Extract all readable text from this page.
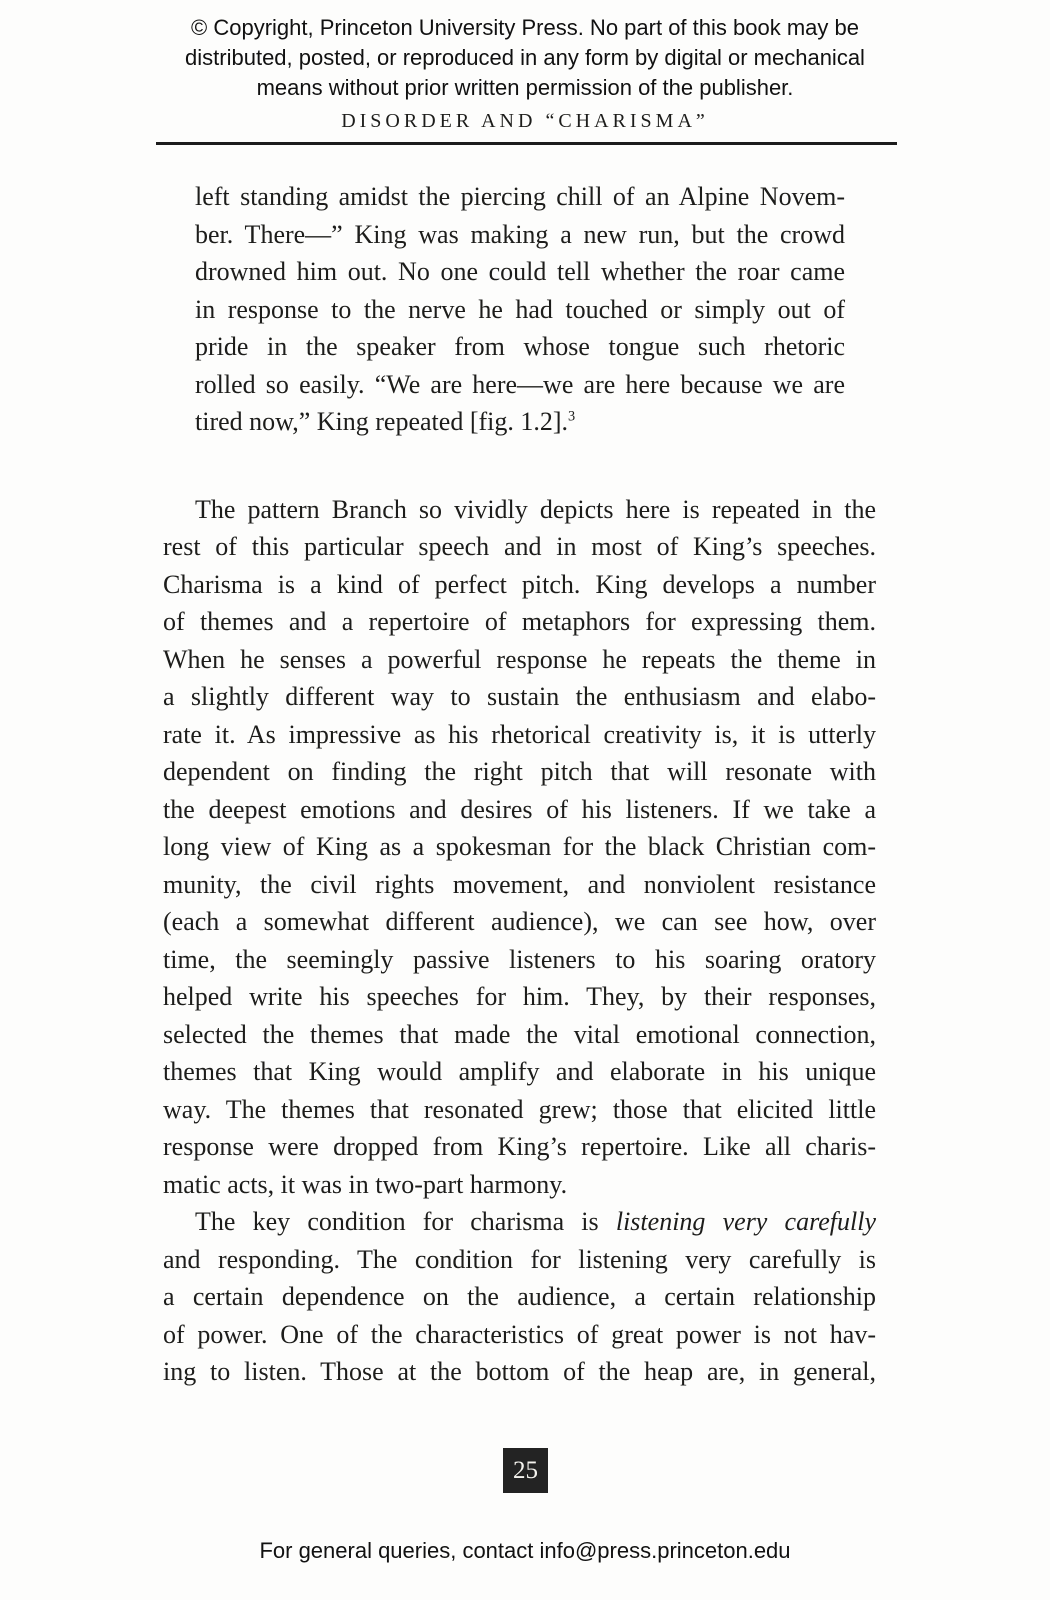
© Copyright, Princeton University Press. No part of this book may be
distributed, posted, or reproduced in any form by digital or mechanical
means without prior written permission of the publisher.
DISORDER AND “CHARISMA”
left standing amidst the piercing chill of an Alpine Novem-
ber. There—” King was making a new run, but the crowd
drowned him out. No one could tell whether the roar came
in response to the nerve he had touched or simply out of
pride in the speaker from whose tongue such rhetoric
rolled so easily. “We are here—we are here because we are
tired now,” King repeated [fig. 1.2].$^3$
The pattern Branch so vividly depicts here is repeated in the
rest of this particular speech and in most of King’s speeches.
Charisma is a kind of perfect pitch. King develops a number
of themes and a repertoire of metaphors for expressing them.
When he senses a powerful response he repeats the theme in
a slightly different way to sustain the enthusiasm and elabo-
rate it. As impressive as his rhetorical creativity is, it is utterly
dependent on finding the right pitch that will resonate with
the deepest emotions and desires of his listeners. If we take a
long view of King as a spokesman for the black Christian com-
munity, the civil rights movement, and nonviolent resistance
(each a somewhat different audience), we can see how, over
time, the seemingly passive listeners to his soaring oratory
helped write his speeches for him. They, by their responses,
selected the themes that made the vital emotional connection,
themes that King would amplify and elaborate in his unique
way. The themes that resonated grew; those that elicited little
response were dropped from King’s repertoire. Like all charis-
matic acts, it was in two-part harmony.
The key condition for charisma is listening very carefully
and responding. The condition for listening very carefully is
a certain dependence on the audience, a certain relationship
of power. One of the characteristics of great power is not hav-
ing to listen. Those at the bottom of the heap are, in general,
25
For general queries, contact info@press.princeton.edu
